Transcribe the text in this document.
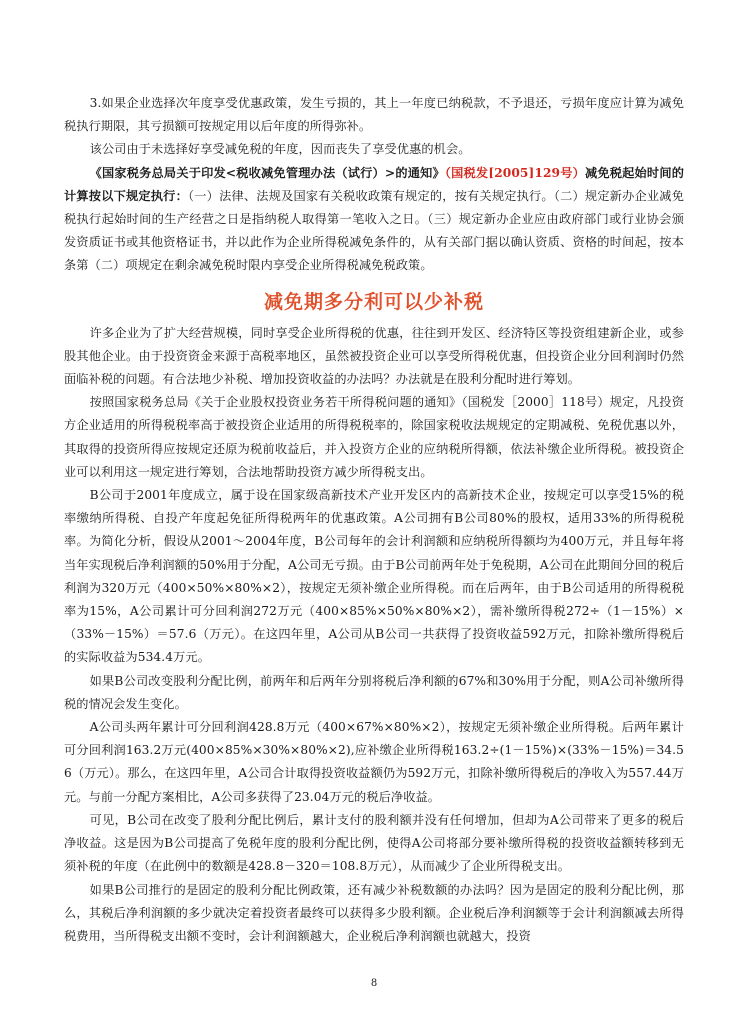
3.如果企业选择次年度享受优惠政策，发生亏损的，其上一年度已纳税款，不予退还，亏损年度应计算为减免税执行期限，其亏损额可按规定用以后年度的所得弥补。

该公司由于未选择好享受减免税的年度，因而丧失了享受优惠的机会。

《国家税务总局关于印发<税收减免管理办法（试行）>的通知》（国税发[2005]129号）减免税起始时间的计算按以下规定执行：（一）法律、法规及国家有关税收政策有规定的，按有关规定执行。（二）规定新办企业减免税执行起始时间的生产经营之日是指纳税人取得第一笔收入之日。（三）规定新办企业应由政府部门或行业协会颁发资质证书或其他资格证书，并以此作为企业所得税减免条件的，从有关部门据以确认资质、资格的时间起，按本条第（二）项规定在剩余减免税时限内享受企业所得税减免税政策。

减免期多分利可以少补税

许多企业为了扩大经营规模，同时享受企业所得税的优惠，往往到开发区、经济特区等投资组建新企业，或参股其他企业。由于投资资金来源于高税率地区，虽然被投资企业可以享受所得税优惠，但投资企业分回利润时仍然面临补税的问题。有合法地少补税、增加投资收益的办法吗？办法就是在股利分配时进行筹划。

按照国家税务总局《关于企业股权投资业务若干所得税问题的通知》（国税发［2000］118号）规定，凡投资方企业适用的所得税税率高于被投资企业适用的所得税税率的，除国家税收法规规定的定期减税、免税优惠以外，其取得的投资所得应按规定还原为税前收益后，并入投资方企业的应纳税所得额，依法补缴企业所得税。被投资企业可以利用这一规定进行筹划，合法地帮助投资方减少所得税支出。

B公司于2001年度成立，属于设在国家级高新技术产业开发区内的高新技术企业，按规定可以享受15%的税率缴纳所得税、自投产年度起免征所得税两年的优惠政策。A公司拥有B公司80%的股权，适用33%的所得税税率。为简化分析，假设从2001～2004年度，B公司每年的会计利润额和应纳税所得额均为400万元，并且每年将当年实现税后净利润额的50%用于分配，A公司无亏损。由于B公司前两年处于免税期，A公司在此期间分回的税后利润为320万元（400×50%×80%×2），按规定无须补缴企业所得税。而在后两年，由于B公司适用的所得税税率为15%，A公司累计可分回利润272万元（400×85%×50%×80%×2），需补缴所得税272÷（1－15%）×（33%－15%）＝57.6（万元）。在这四年里，A公司从B公司一共获得了投资收益592万元，扣除补缴所得税后的实际收益为534.4万元。

如果B公司改变股利分配比例，前两年和后两年分别将税后净利额的67%和30%用于分配，则A公司补缴所得税的情况会发生变化。

A公司头两年累计可分回利润428.8万元（400×67%×80%×2），按规定无须补缴企业所得税。后两年累计可分回利润163.2万元(400×85%×30%×80%×2),应补缴企业所得税163.2÷(1－15%)×(33%－15%)＝34.56（万元）。那么，在这四年里，A公司合计取得投资收益额仍为592万元，扣除补缴所得税后的净收入为557.44万元。与前一分配方案相比，A公司多获得了23.04万元的税后净收益。

可见，B公司在改变了股利分配比例后，累计支付的股利额并没有任何增加，但却为A公司带来了更多的税后净收益。这是因为B公司提高了免税年度的股利分配比例，使得A公司将部分要补缴所得税的投资收益额转移到无须补税的年度（在此例中的数额是428.8－320＝108.8万元），从而减少了企业所得税支出。

如果B公司推行的是固定的股利分配比例政策，还有减少补税数额的办法吗？因为是固定的股利分配比例，那么，其税后净利润额的多少就决定着投资者最终可以获得多少股利额。企业税后净利润额等于会计利润额减去所得税费用，当所得税支出额不变时，会计利润额越大，企业税后净利润额也就越大，投资

8
